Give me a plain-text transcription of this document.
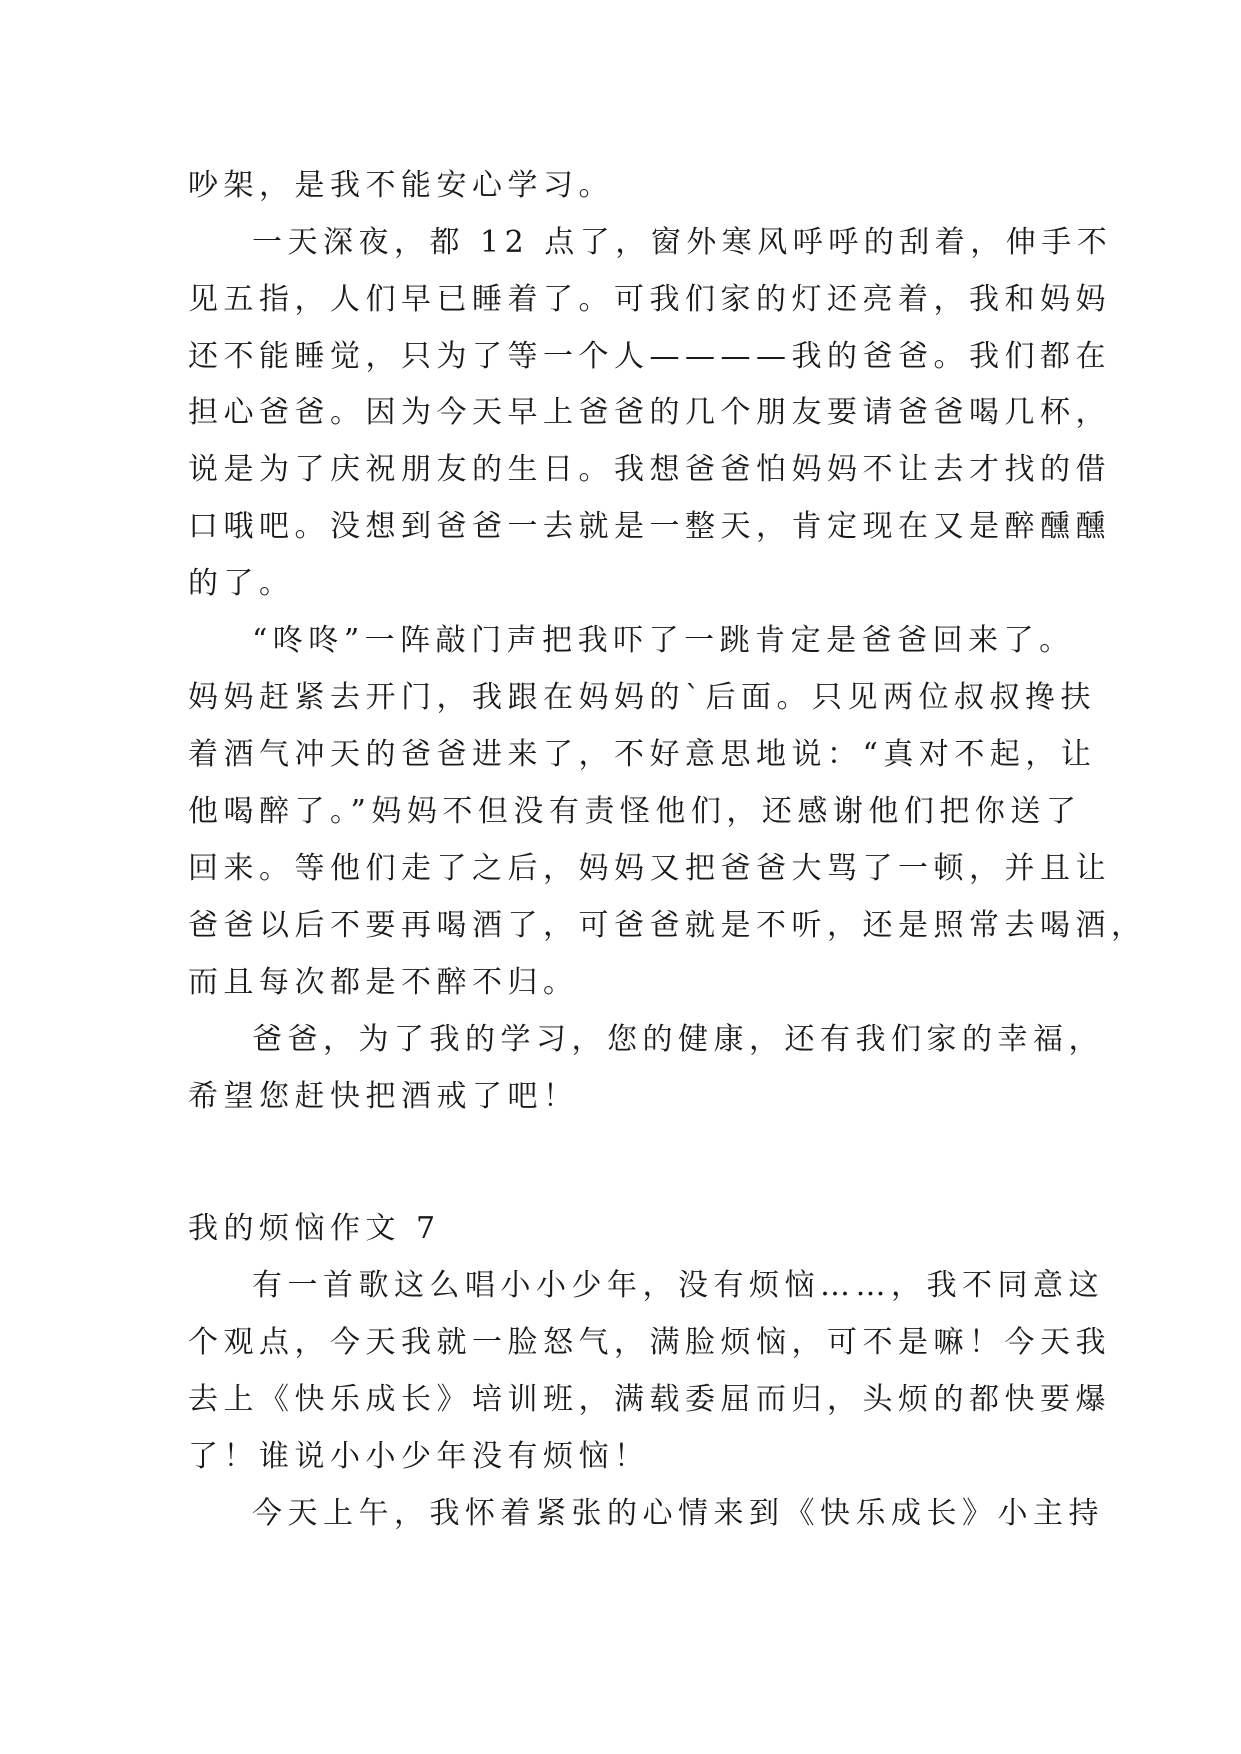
吵架，是我不能安心学习。
一天深夜，都 12 点了，窗外寒风呼呼的刮着，伸手不
见五指，人们早已睡着了。可我们家的灯还亮着，我和妈妈
还不能睡觉，只为了等一个人————我的爸爸。我们都在
担心爸爸。因为今天早上爸爸的几个朋友要请爸爸喝几杯，
说是为了庆祝朋友的生日。我想爸爸怕妈妈不让去才找的借
口哦吧。没想到爸爸一去就是一整天，肯定现在又是醉醺醺
的了。
“咚咚”一阵敲门声把我吓了一跳肯定是爸爸回来了。
妈妈赶紧去开门，我跟在妈妈的`后面。只见两位叔叔搀扶
着酒气冲天的爸爸进来了，不好意思地说：“真对不起，让
他喝醉了。”妈妈不但没有责怪他们，还感谢他们把你送了
回来。等他们走了之后，妈妈又把爸爸大骂了一顿，并且让
爸爸以后不要再喝酒了，可爸爸就是不听，还是照常去喝酒，
而且每次都是不醉不归。
爸爸，为了我的学习，您的健康，还有我们家的幸福，
希望您赶快把酒戒了吧！
我的烦恼作文 7
有一首歌这么唱小小少年，没有烦恼……，我不同意这
个观点，今天我就一脸怒气，满脸烦恼，可不是嘛！今天我
去上《快乐成长》培训班，满载委屈而归，头烦的都快要爆
了！谁说小小少年没有烦恼！
今天上午，我怀着紧张的心情来到《快乐成长》小主持
